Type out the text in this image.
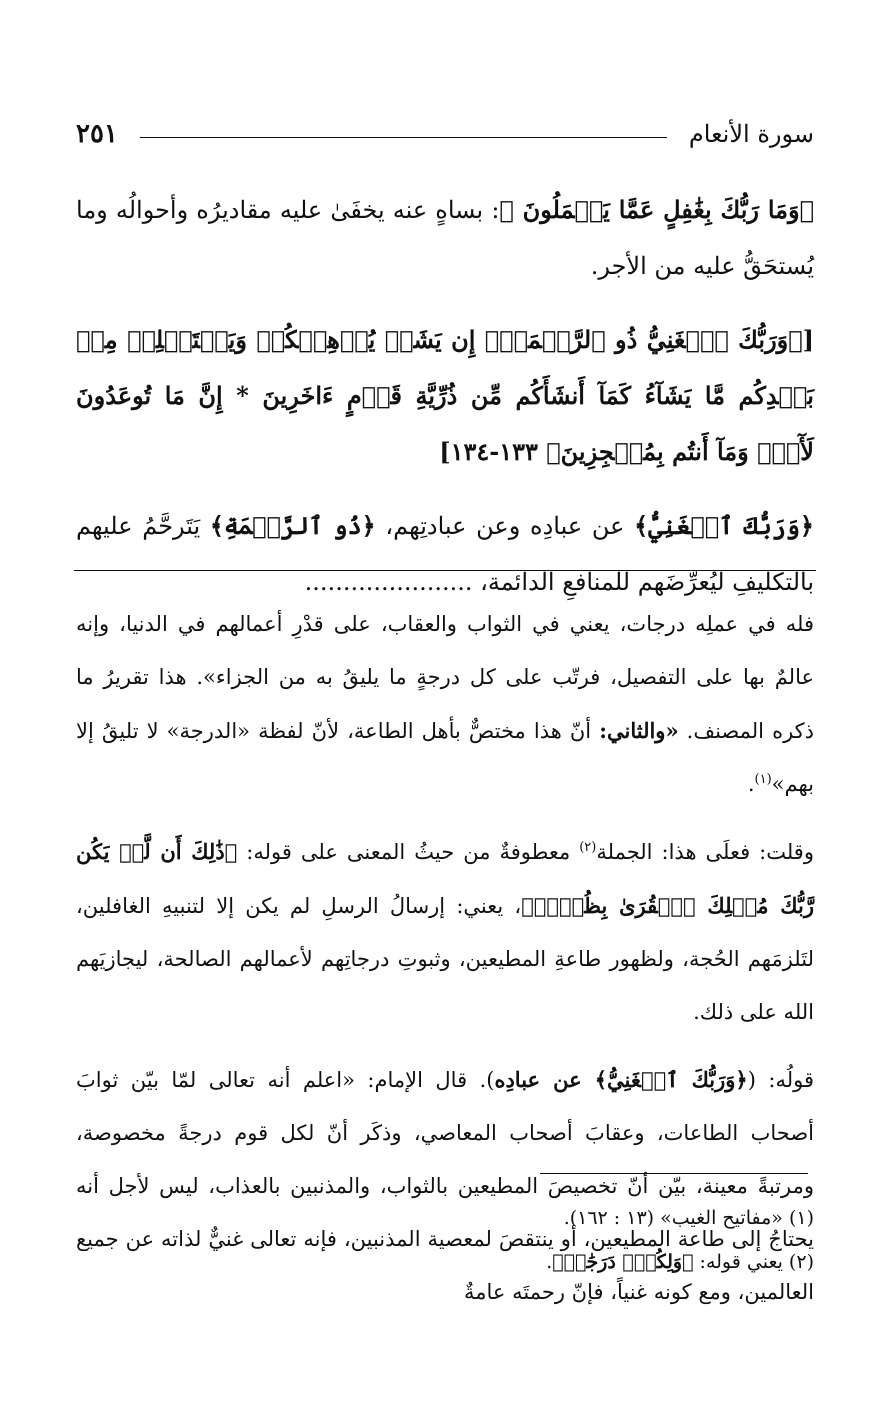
سورة الأنعام
٢٥١

﴿وَمَا رَبُّكَ بِغَٰفِلٍ عَمَّا يَعۡمَلُونَ ﴾: بساهٍ عنه يخفَىٰ عليه مقاديرُه وأحوالُه وما يُستحَقُّ عليه من الأجر.

[﴿وَرَبُّكَ ٱلۡغَنِيُّ ذُو ٱلرَّحۡمَةِۚ إِن يَشَأۡ يُذۡهِبۡكُمۡ وَيَسۡتَخۡلِفۡ مِنۢ بَعۡدِكُم مَّا يَشَآءُ كَمَآ أَنشَأَكُم مِّن ذُرِّيَّةِ قَوۡمٍ ءَاخَرِينَ * إِنَّ مَا تُوعَدُونَ لَأٓتٖۖ وَمَآ أَنتُم بِمُعۡجِزِينَ﴾ ١٣٣-١٣٤]

﴿وَرَبُّكَ ٱلۡغَنِيُّ﴾ عن عبادِه وعن عبادتِهم، ﴿ذُو ٱلرَّحۡمَةِ﴾ يَتَرحَّمُ عليهم بالتكليفِ ليُعرِّضَهم للمنافعِ الدائمة، ......................

فله في عملِه درجات، يعني في الثواب والعقاب، على قدْرِ أعمالهم في الدنيا، وإنه عالمٌ بها على التفصيل، فرتّب على كل درجةٍ ما يليقُ به من الجزاء». هذا تقريرُ ما ذكره المصنف. «والثاني: أنّ هذا مختصٌّ بأهل الطاعة، لأنّ لفظة «الدرجة» لا تليقُ إلا بهم»$^{(١)}$.

وقلت: فعلَى هذا: الجملة$^{(٢)}$ معطوفةٌ من حيثُ المعنى على قوله: ﴿ذَٰلِكَ أَن لَّمۡ يَكُن رَّبُّكَ مُهۡلِكَ ٱلۡقُرَىٰ بِظُلۡمٖ﴾، يعني: إرسالُ الرسلِ لم يكن إلا لتنبيهِ الغافلين، لتَلزمَهم الحُجة، ولظهور طاعةِ المطيعين، وثبوتِ درجاتِهم لأعمالهم الصالحة، ليجازيَهم الله على ذلك.

قولُه: (﴿وَرَبُّكَ ٱلۡغَنِيُّ﴾ عن عبادِه). قال الإمام: «اعلم أنه تعالى لمّا بيّن ثوابَ أصحاب الطاعات، وعقابَ أصحاب المعاصي، وذكَر أنّ لكل قوم درجةً مخصوصة، ومرتبةً معينة، بيّن أنّ تخصيصَ المطيعين بالثواب، والمذنبين بالعذاب، ليس لأجل أنه يحتاجُ إلى طاعة المطيعين، أو ينتقصَ لمعصية المذنبين، فإنه تعالى غنيٌّ لذاته عن جميع العالمين، ومع كونه غنياً، فإنّ رحمتَه عامةٌ

(١) «مفاتيح الغيب» (١٣ : ١٦٢).

(٢) يعني قوله: ﴿وَلِكُلّٖ دَرَجَٰتٞ﴾.
